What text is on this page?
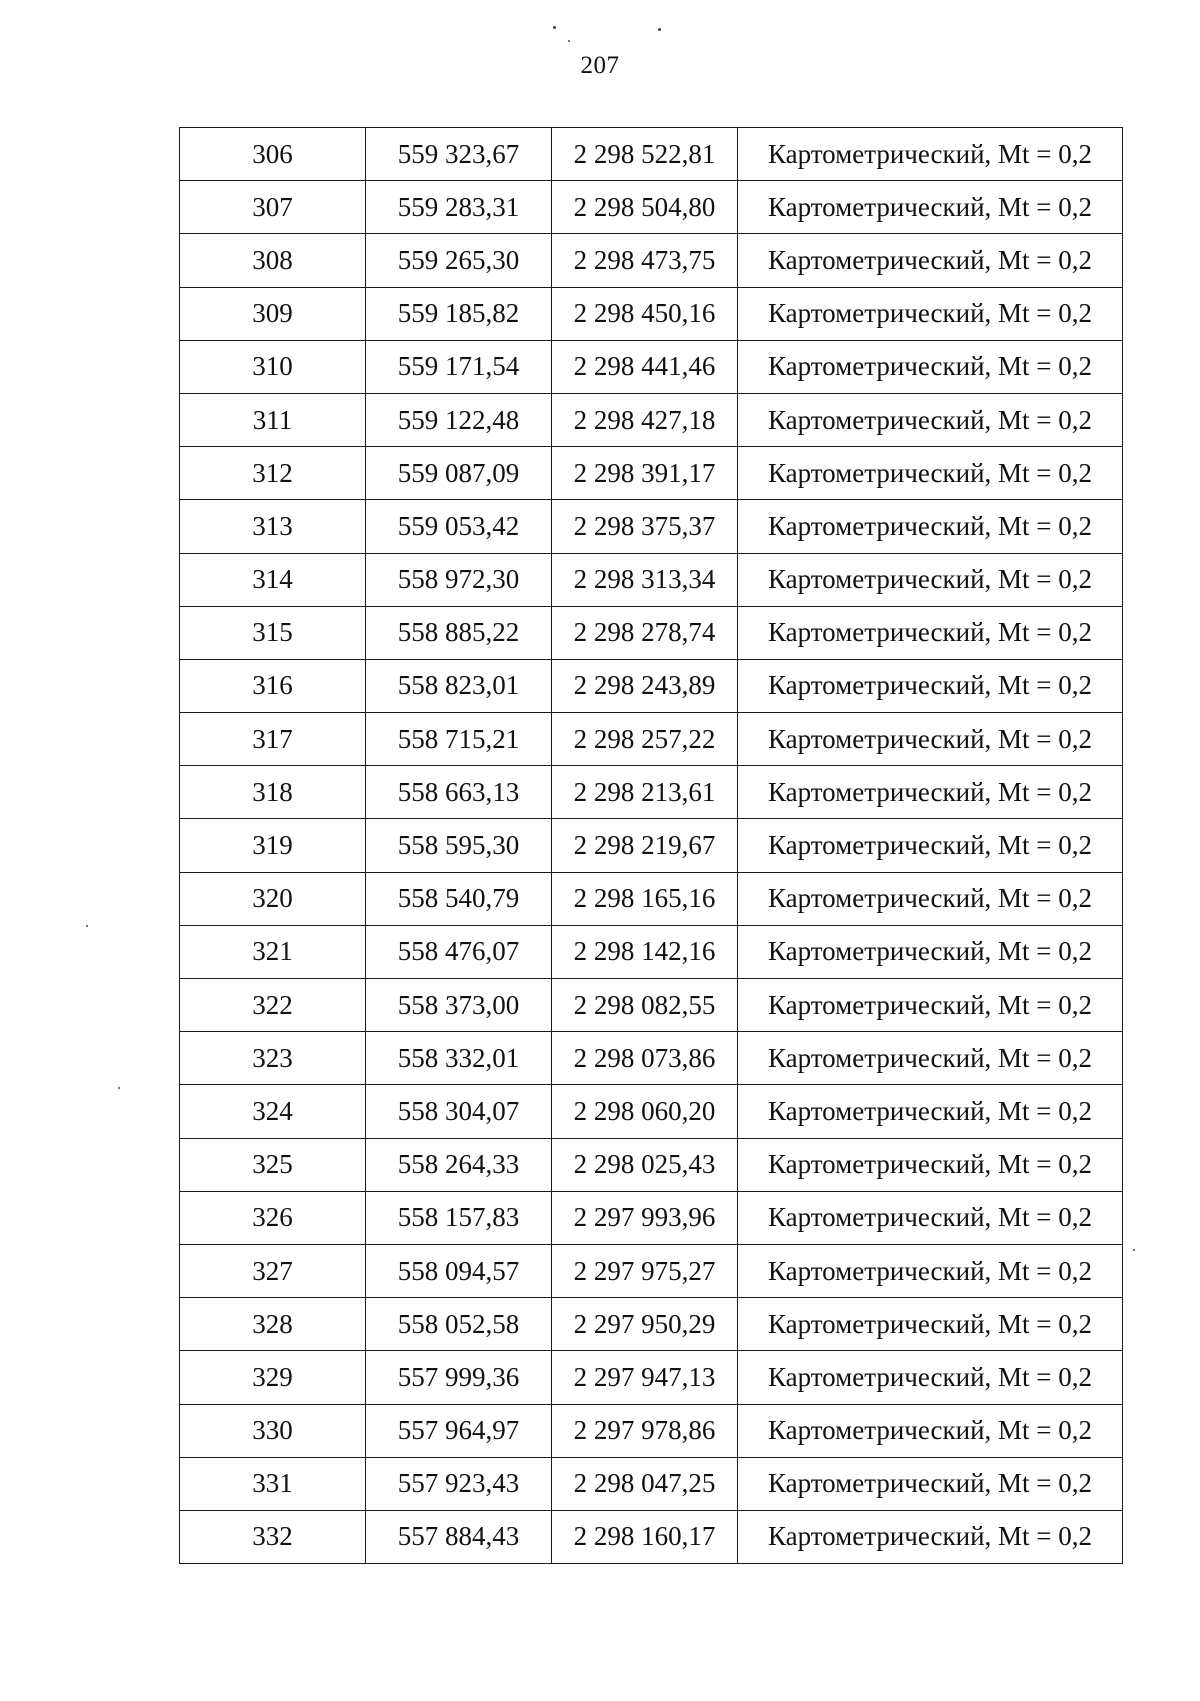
207
306	559 323,67	2 298 522,81	Картометрический, Mt = 0,2
307	559 283,31	2 298 504,80	Картометрический, Mt = 0,2
308	559 265,30	2 298 473,75	Картометрический, Mt = 0,2
309	559 185,82	2 298 450,16	Картометрический, Mt = 0,2
310	559 171,54	2 298 441,46	Картометрический, Mt = 0,2
311	559 122,48	2 298 427,18	Картометрический, Mt = 0,2
312	559 087,09	2 298 391,17	Картометрический, Mt = 0,2
313	559 053,42	2 298 375,37	Картометрический, Mt = 0,2
314	558 972,30	2 298 313,34	Картометрический, Mt = 0,2
315	558 885,22	2 298 278,74	Картометрический, Mt = 0,2
316	558 823,01	2 298 243,89	Картометрический, Mt = 0,2
317	558 715,21	2 298 257,22	Картометрический, Mt = 0,2
318	558 663,13	2 298 213,61	Картометрический, Mt = 0,2
319	558 595,30	2 298 219,67	Картометрический, Mt = 0,2
320	558 540,79	2 298 165,16	Картометрический, Mt = 0,2
321	558 476,07	2 298 142,16	Картометрический, Mt = 0,2
322	558 373,00	2 298 082,55	Картометрический, Mt = 0,2
323	558 332,01	2 298 073,86	Картометрический, Mt = 0,2
324	558 304,07	2 298 060,20	Картометрический, Mt = 0,2
325	558 264,33	2 298 025,43	Картометрический, Mt = 0,2
326	558 157,83	2 297 993,96	Картометрический, Mt = 0,2
327	558 094,57	2 297 975,27	Картометрический, Mt = 0,2
328	558 052,58	2 297 950,29	Картометрический, Mt = 0,2
329	557 999,36	2 297 947,13	Картометрический, Mt = 0,2
330	557 964,97	2 297 978,86	Картометрический, Mt = 0,2
331	557 923,43	2 298 047,25	Картометрический, Mt = 0,2
332	557 884,43	2 298 160,17	Картометрический, Mt = 0,2
